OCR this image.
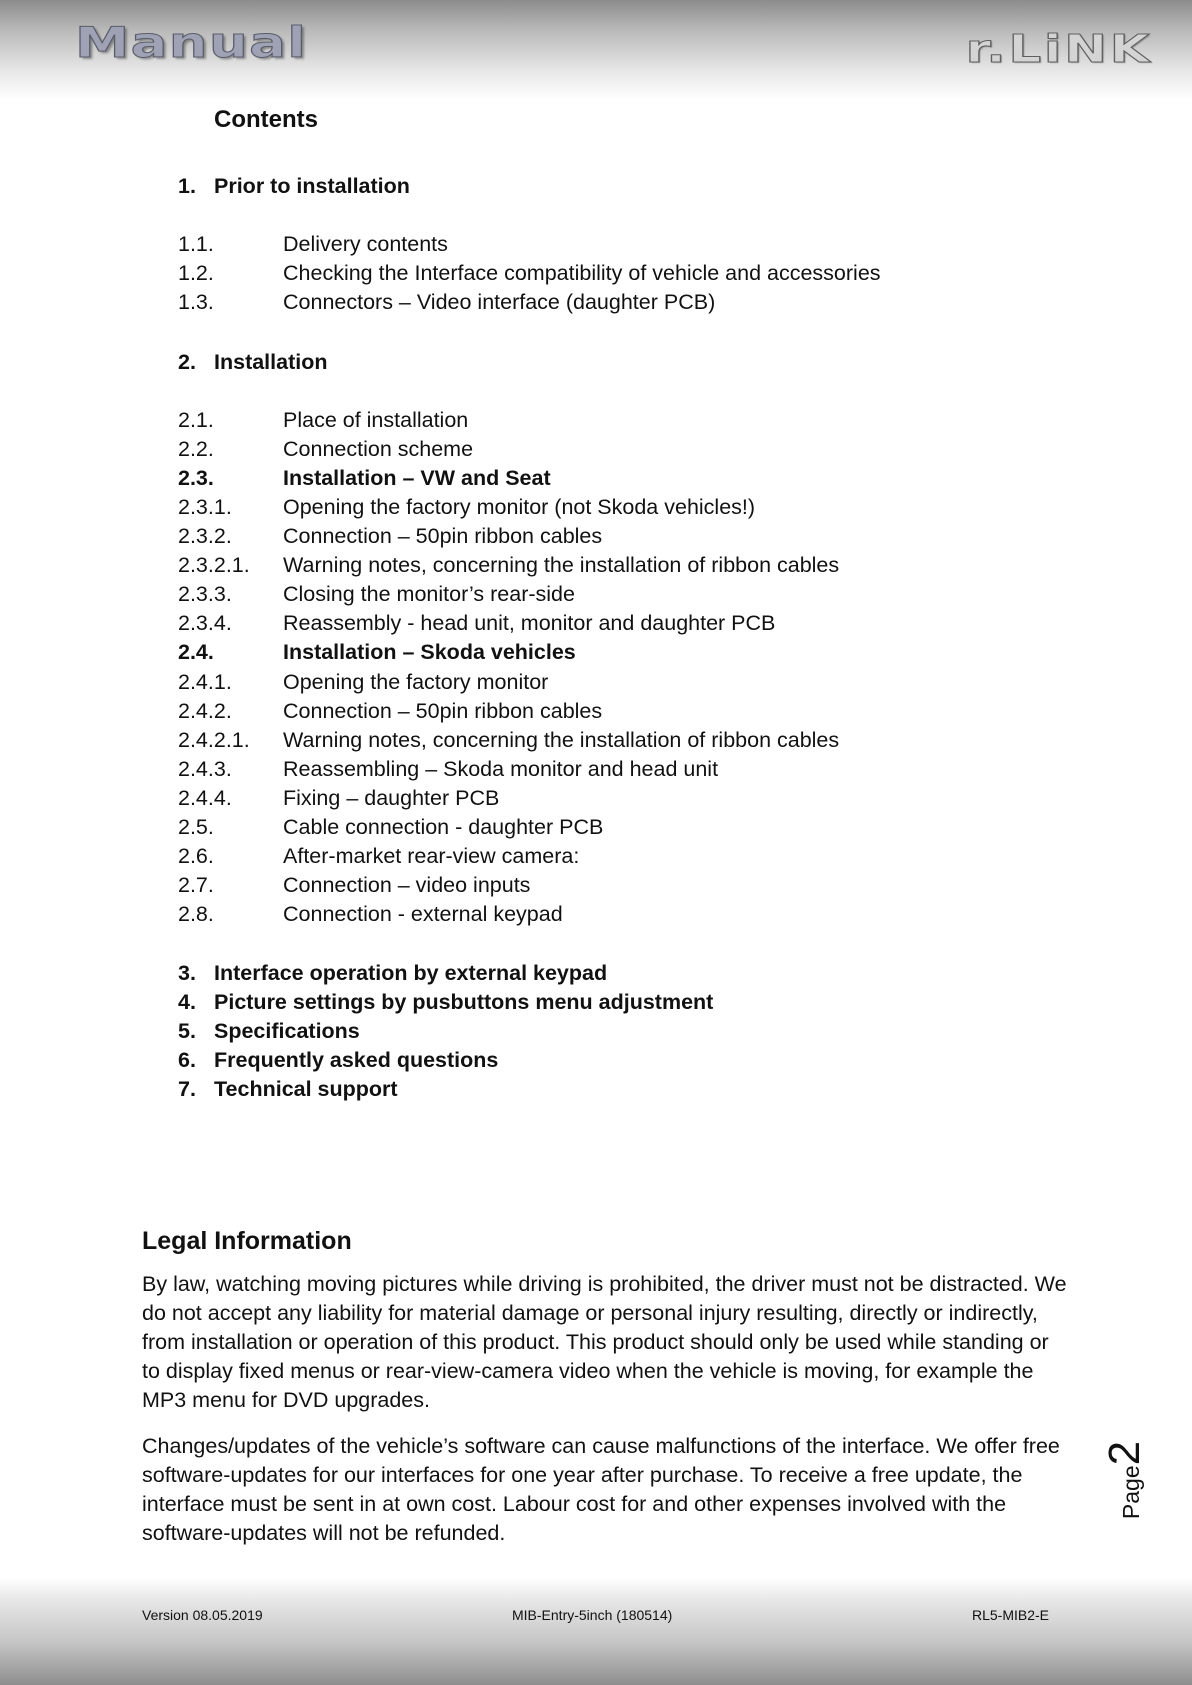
Manual	r.LiNK
Contents
1. Prior to installation
1.1.	Delivery contents
1.2.	Checking the Interface compatibility of vehicle and accessories
1.3.	Connectors – Video interface (daughter PCB)
2. Installation
2.1.	Place of installation
2.2.	Connection scheme
2.3.	Installation – VW and Seat
2.3.1. Opening the factory monitor (not Skoda vehicles!)
2.3.2. Connection – 50pin ribbon cables
2.3.2.1. Warning notes, concerning the installation of ribbon cables
2.3.3. Closing the monitor’s rear-side
2.3.4. Reassembly - head unit, monitor and daughter PCB
2.4.	Installation – Skoda vehicles
2.4.1. Opening the factory monitor
2.4.2. Connection – 50pin ribbon cables
2.4.2.1. Warning notes, concerning the installation of ribbon cables
2.4.3. Reassembling – Skoda monitor and head unit
2.4.4. Fixing – daughter PCB
2.5.	Cable connection - daughter PCB
2.6.	After-market rear-view camera:
2.7.	Connection – video inputs
2.8.	Connection - external keypad
3. Interface operation by external keypad
4. Picture settings by pusbuttons menu adjustment
5. Specifications
6. Frequently asked questions
7. Technical support
Legal Information

By law, watching moving pictures while driving is prohibited, the driver must not be distracted. We do not accept any liability for material damage or personal injury resulting, directly or indirectly, from installation or operation of this product. This product should only be used while standing or to display fixed menus or rear-view-camera video when the vehicle is moving, for example the MP3 menu for DVD upgrades.

Changes/updates of the vehicle’s software can cause malfunctions of the interface. We offer free software-updates for our interfaces for one year after purchase. To receive a free update, the interface must be sent in at own cost. Labour cost for and other expenses involved with the software-updates will not be refunded.

Page2
Version 08.05.2019	MIB-Entry-5inch (180514)	RL5-MIB2-E
